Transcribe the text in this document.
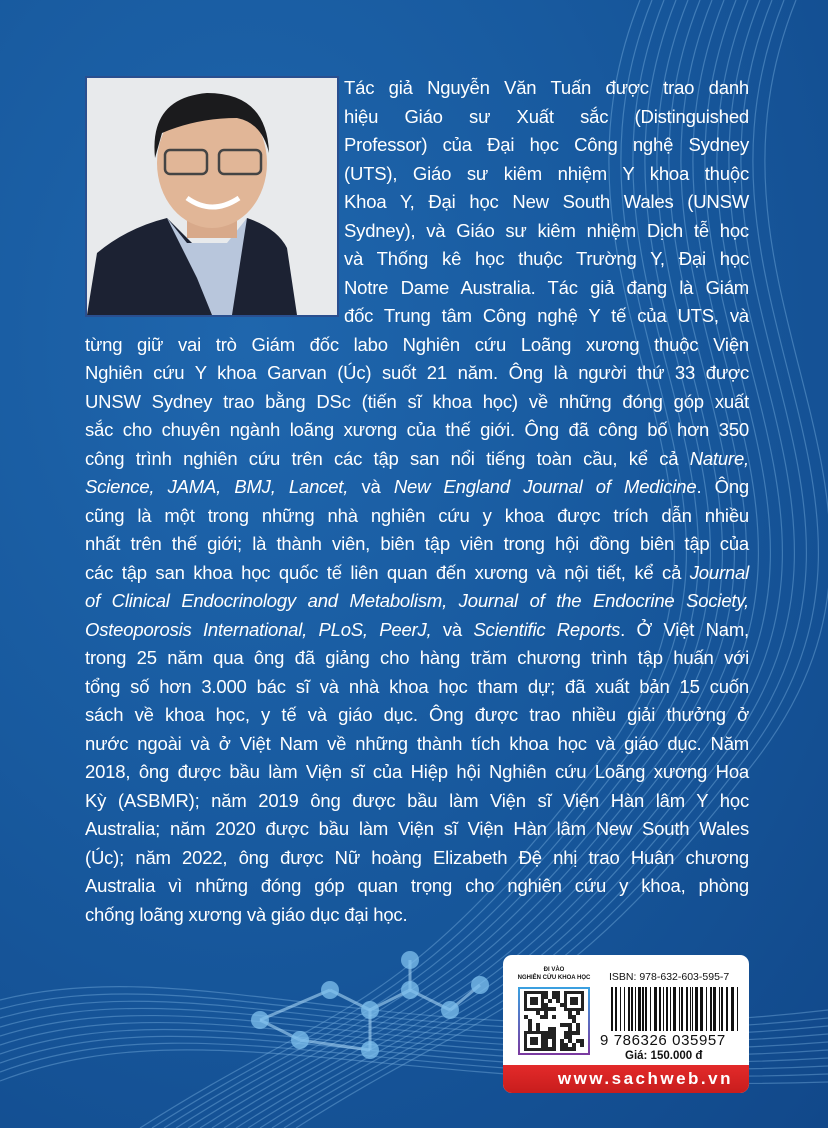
Tác giả Nguyễn Văn Tuấn được trao danh
hiệu Giáo sư Xuất sắc (Distinguished
Professor) của Đại học Công nghệ Sydney
(UTS), Giáo sư kiêm nhiệm Y khoa thuộc
Khoa Y, Đại học New South Wales (UNSW
Sydney), và Giáo sư kiêm nhiệm Dịch tễ học
và Thống kê học thuộc Trường Y, Đại học
Notre Dame Australia. Tác giả đang là Giám
đốc Trung tâm Công nghệ Y tế của UTS, và
từng giữ vai trò Giám đốc labo Nghiên cứu Loãng xương thuộc Viện
Nghiên cứu Y khoa Garvan (Úc) suốt 21 năm. Ông là người thứ 33 được
UNSW Sydney trao bằng DSc (tiến sĩ khoa học) về những đóng góp xuất
sắc cho chuyên ngành loãng xương của thế giới. Ông đã công bố hơn 350
công trình nghiên cứu trên các tập san nổi tiếng toàn cầu, kể cả Nature,
Science, JAMA, BMJ, Lancet, và New England Journal of Medicine. Ông
cũng là một trong những nhà nghiên cứu y khoa được trích dẫn nhiều
nhất trên thế giới; là thành viên, biên tập viên trong hội đồng biên tập của
các tập san khoa học quốc tế liên quan đến xương và nội tiết, kể cả Journal
of Clinical Endocrinology and Metabolism, Journal of the Endocrine Society,
Osteoporosis International, PLoS, PeerJ, và Scientific Reports. Ở Việt Nam,
trong 25 năm qua ông đã giảng cho hàng trăm chương trình tập huấn với
tổng số hơn 3.000 bác sĩ và nhà khoa học tham dự; đã xuất bản 15 cuốn
sách về khoa học, y tế và giáo dục. Ông được trao nhiều giải thưởng ở
nước ngoài và ở Việt Nam về những thành tích khoa học và giáo dục. Năm
2018, ông được bầu làm Viện sĩ của Hiệp hội Nghiên cứu Loãng xương Hoa
Kỳ (ASBMR); năm 2019 ông được bầu làm Viện sĩ Viện Hàn lâm Y học
Australia; năm 2020 được bầu làm Viện sĩ Viện Hàn lâm New South Wales
(Úc); năm 2022, ông được Nữ hoàng Elizabeth Đệ nhị trao Huân chương
Australia vì những đóng góp quan trọng cho nghiên cứu y khoa, phòng
chống loãng xương và giáo dục đại học.
ĐI VÀO
NGHIÊN CỨU KHOA HỌC	ISBN: 978-632-603-595-7
9 786326 035957
Giá: 150.000 đ
www.sachweb.vn
